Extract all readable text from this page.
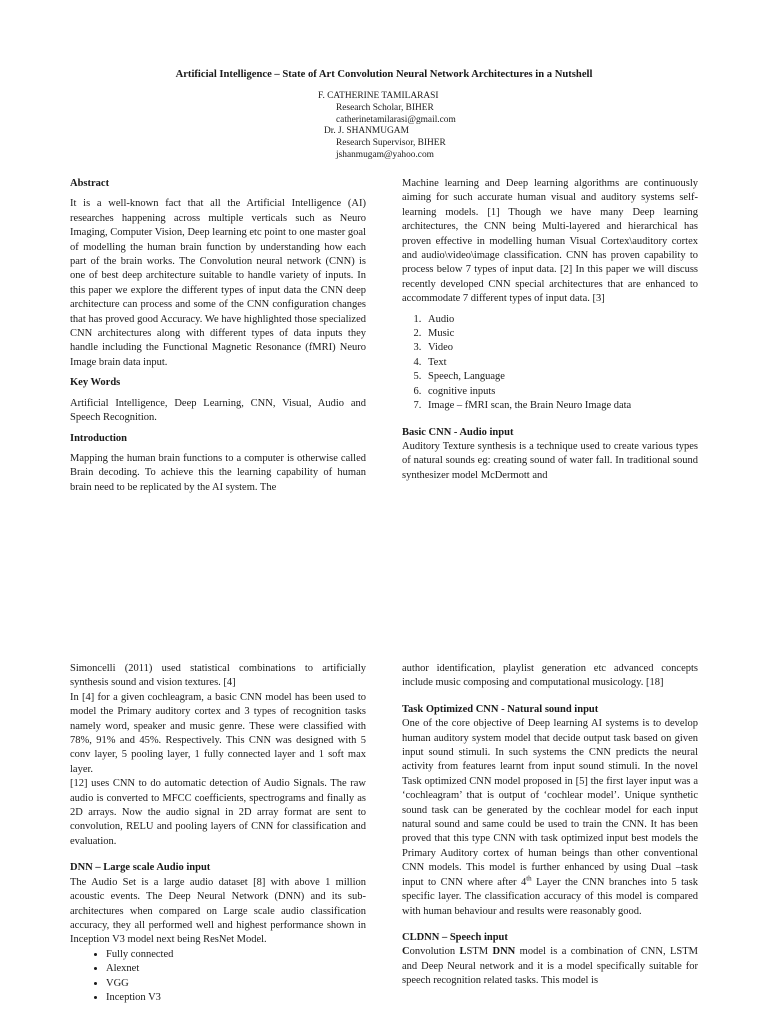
Artificial Intelligence – State of Art Convolution Neural Network Architectures in a Nutshell
F. CATHERINE TAMILARASI
Research Scholar, BIHER
catherinetamilarasi@gmail.com
Dr. J. SHANMUGAM
Research Supervisor, BIHER
jshanmugam@yahoo.com

Abstract

It is a well-known fact that all the Artificial Intelligence (AI) researches happening across multiple verticals such as Neuro Imaging, Computer Vision, Deep learning etc point to one master goal of modelling the human brain function by understanding how each part of the brain works. The Convolution neural network (CNN) is one of best deep architecture suitable to handle variety of inputs. In this paper we explore the different types of input data the CNN deep architecture can process and some of the CNN configuration changes that has proved good Accuracy. We have highlighted those specialized CNN architectures along with different types of data inputs they handle including the Functional Magnetic Resonance (fMRI) Neuro Image brain data input.

Key Words

Artificial Intelligence, Deep Learning, CNN, Visual, Audio and Speech Recognition.

Introduction

Mapping the human brain functions to a computer is otherwise called Brain decoding. To achieve this the learning capability of human brain need to be replicated by the AI system. The

Machine learning and Deep learning algorithms are continuously aiming for such accurate human visual and auditory systems self-learning models. [1] Though we have many Deep learning architectures, the CNN being Multi-layered and hierarchical has proven effective in modelling human Visual Cortex\auditory cortex and audio\video\image classification. CNN has proven capability to process below 7 types of input data. [2] In this paper we will discuss recently developed CNN special architectures that are enhanced to accommodate 7 different types of input data. [3]

1. Audio
2. Music
3. Video
4. Text
5. Speech, Language
6. cognitive inputs
7. Image – fMRI scan, the Brain Neuro Image data

Basic CNN - Audio input

Auditory Texture synthesis is a technique used to create various types of natural sounds eg: creating sound of water fall. In traditional sound synthesizer model McDermott and

Simoncelli (2011) used statistical combinations to artificially synthesis sound and vision textures. [4]

In [4] for a given cochleagram, a basic CNN model has been used to model the Primary auditory cortex and 3 types of recognition tasks namely word, speaker and music genre. These were classified with 78%, 91% and 45%. Respectively. This CNN was designed with 5 conv layer, 5 pooling layer, 1 fully connected layer and 1 soft max layer.

[12] uses CNN to do automatic detection of Audio Signals. The raw audio is converted to MFCC coefficients, spectrograms and finally as 2D arrays. Now the audio signal in 2D array format are sent to convolution, RELU and pooling layers of CNN for classification and evaluation.

DNN – Large scale Audio input

The Audio Set is a large audio dataset [8] with above 1 million acoustic events. The Deep Neural Network (DNN) and its sub-architectures when compared on Large scale audio classification accuracy, they all performed well and highest performance shown in Inception V3 model next being ResNet Model.

• Fully connected
• Alexnet
• VGG
• Inception V3

author identification, playlist generation etc advanced concepts include music composing and computational musicology. [18]

Task Optimized CNN - Natural sound input

One of the core objective of Deep learning AI systems is to develop human auditory system model that decide output task based on given input sound stimuli. In such systems the CNN predicts the neural activity from features learnt from input sound stimuli. In the novel Task optimized CNN model proposed in [5] the first layer input was a ‘cochleagram’ that is output of ‘cochlear model’. Unique synthetic sound task can be generated by the cochlear model for each input natural sound and same could be used to train the CNN. It has been proved that this type CNN with task optimized input best models the Primary Auditory cortex of human beings than other conventional CNN models. This model is further enhanced by using Dual –task input to CNN where after 4th Layer the CNN branches into 5 task specific layer. The classification accuracy of this model is compared with human behaviour and results were reasonably good.

CLDNN – Speech input

Convolution LSTM DNN model is a combination of CNN, LSTM and Deep Neural network and it is a model specifically suitable for speech recognition related tasks. This model is
